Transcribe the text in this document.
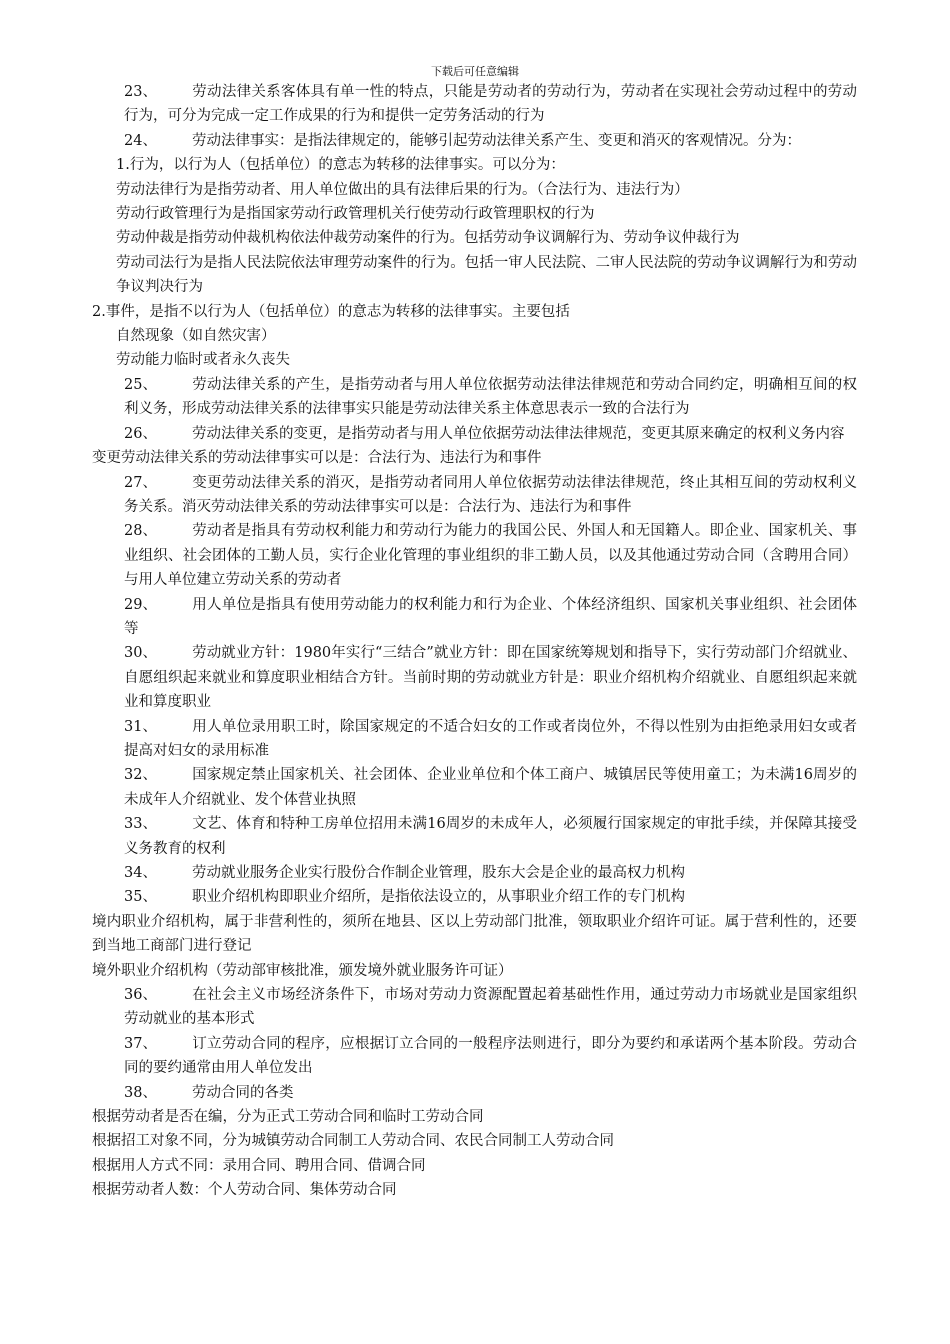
下载后可任意编辑
23、 劳动法律关系客体具有单一性的特点，只能是劳动者的劳动行为，劳动者在实现社会劳动过程中的劳动行为，可分为完成一定工作成果的行为和提供一定劳务活动的行为
24、 劳动法律事实：是指法律规定的，能够引起劳动法律关系产生、变更和消灭的客观情况。分为：
1.行为，以行为人（包括单位）的意志为转移的法律事实。可以分为：
劳动法律行为是指劳动者、用人单位做出的具有法律后果的行为。（合法行为、违法行为）
劳动行政管理行为是指国家劳动行政管理机关行使劳动行政管理职权的行为
劳动仲裁是指劳动仲裁机构依法仲裁劳动案件的行为。包括劳动争议调解行为、劳动争议仲裁行为
劳动司法行为是指人民法院依法审理劳动案件的行为。包括一审人民法院、二审人民法院的劳动争议调解行为和劳动争议判决行为
2.事件，是指不以行为人（包括单位）的意志为转移的法律事实。主要包括
自然现象（如自然灾害）
劳动能力临时或者永久丧失
25、 劳动法律关系的产生，是指劳动者与用人单位依据劳动法律法律规范和劳动合同约定，明确相互间的权利义务，形成劳动法律关系的法律事实只能是劳动法律关系主体意思表示一致的合法行为
26、 劳动法律关系的变更，是指劳动者与用人单位依据劳动法律法律规范，变更其原来确定的权利义务内容
变更劳动法律关系的劳动法律事实可以是：合法行为、违法行为和事件
27、 变更劳动法律关系的消灭，是指劳动者同用人单位依据劳动法律法律规范，终止其相互间的劳动权利义务关系。消灭劳动法律关系的劳动法律事实可以是：合法行为、违法行为和事件
28、 劳动者是指具有劳动权利能力和劳动行为能力的我国公民、外国人和无国籍人。即企业、国家机关、事业组织、社会团体的工勤人员，实行企业化管理的事业组织的非工勤人员，以及其他通过劳动合同（含聘用合同）与用人单位建立劳动关系的劳动者
29、 用人单位是指具有使用劳动能力的权利能力和行为企业、个体经济组织、国家机关事业组织、社会团体等
30、 劳动就业方针：1980年实行“三结合”就业方针：即在国家统筹规划和指导下，实行劳动部门介绍就业、自愿组织起来就业和算度职业相结合方针。当前时期的劳动就业方针是：职业介绍机构介绍就业、自愿组织起来就业和算度职业
31、 用人单位录用职工时，除国家规定的不适合妇女的工作或者岗位外，不得以性别为由拒绝录用妇女或者提高对妇女的录用标准
32、 国家规定禁止国家机关、社会团体、企业业单位和个体工商户、城镇居民等使用童工；为未满16周岁的未成年人介绍就业、发个体营业执照
33、 文艺、体育和特种工房单位招用未满16周岁的未成年人，必须履行国家规定的审批手续，并保障其接受义务教育的权利
34、 劳动就业服务企业实行股份合作制企业管理，股东大会是企业的最高权力机构
35、 职业介绍机构即职业介绍所，是指依法设立的，从事职业介绍工作的专门机构
境内职业介绍机构，属于非营利性的，须所在地县、区以上劳动部门批准，领取职业介绍许可证。属于营利性的，还要到当地工商部门进行登记
境外职业介绍机构（劳动部审核批准，颁发境外就业服务许可证）
36、 在社会主义市场经济条件下，市场对劳动力资源配置起着基础性作用，通过劳动力市场就业是国家组织劳动就业的基本形式
37、 订立劳动合同的程序，应根据订立合同的一般程序法则进行，即分为要约和承诺两个基本阶段。劳动合同的要约通常由用人单位发出
38、 劳动合同的各类
根据劳动者是否在编，分为正式工劳动合同和临时工劳动合同
根据招工对象不同，分为城镇劳动合同制工人劳动合同、农民合同制工人劳动合同
根据用人方式不同：录用合同、聘用合同、借调合同
根据劳动者人数：个人劳动合同、集体劳动合同
